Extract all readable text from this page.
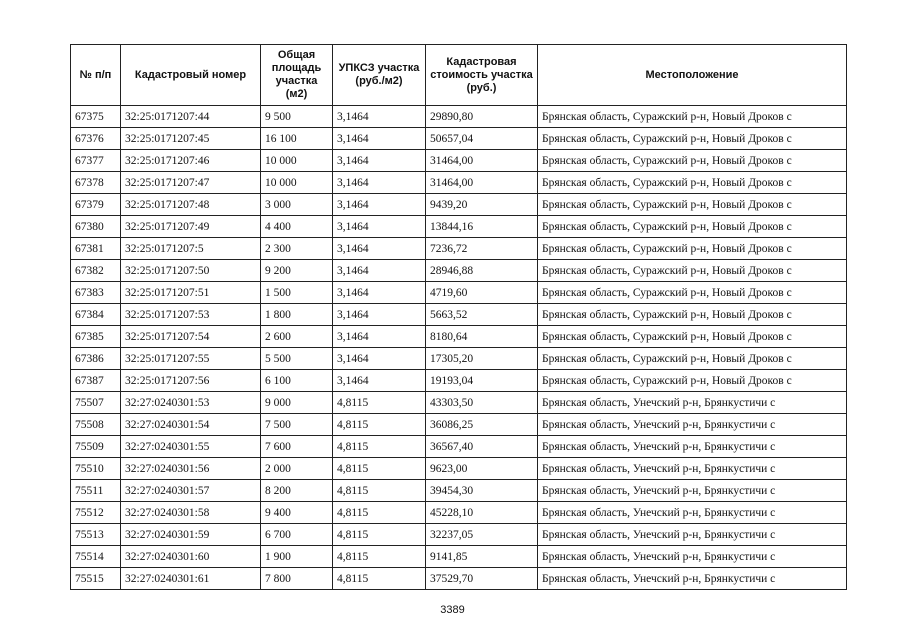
№ п/п	Кадастровый номер	Общая площадь участка (м2)	УПКСЗ участка (руб./м2)	Кадастровая стоимость участка (руб.)	Местоположение
67375	32:25:0171207:44	9 500	3,1464	29890,80	Брянская область, Суражский р-н, Новый Дроков с
67376	32:25:0171207:45	16 100	3,1464	50657,04	Брянская область, Суражский р-н, Новый Дроков с
67377	32:25:0171207:46	10 000	3,1464	31464,00	Брянская область, Суражский р-н, Новый Дроков с
67378	32:25:0171207:47	10 000	3,1464	31464,00	Брянская область, Суражский р-н, Новый Дроков с
67379	32:25:0171207:48	3 000	3,1464	9439,20	Брянская область, Суражский р-н, Новый Дроков с
67380	32:25:0171207:49	4 400	3,1464	13844,16	Брянская область, Суражский р-н, Новый Дроков с
67381	32:25:0171207:5	2 300	3,1464	7236,72	Брянская область, Суражский р-н, Новый Дроков с
67382	32:25:0171207:50	9 200	3,1464	28946,88	Брянская область, Суражский р-н, Новый Дроков с
67383	32:25:0171207:51	1 500	3,1464	4719,60	Брянская область, Суражский р-н, Новый Дроков с
67384	32:25:0171207:53	1 800	3,1464	5663,52	Брянская область, Суражский р-н, Новый Дроков с
67385	32:25:0171207:54	2 600	3,1464	8180,64	Брянская область, Суражский р-н, Новый Дроков с
67386	32:25:0171207:55	5 500	3,1464	17305,20	Брянская область, Суражский р-н, Новый Дроков с
67387	32:25:0171207:56	6 100	3,1464	19193,04	Брянская область, Суражский р-н, Новый Дроков с
75507	32:27:0240301:53	9 000	4,8115	43303,50	Брянская область, Унечский р-н, Брянкустичи с
75508	32:27:0240301:54	7 500	4,8115	36086,25	Брянская область, Унечский р-н, Брянкустичи с
75509	32:27:0240301:55	7 600	4,8115	36567,40	Брянская область, Унечский р-н, Брянкустичи с
75510	32:27:0240301:56	2 000	4,8115	9623,00	Брянская область, Унечский р-н, Брянкустичи с
75511	32:27:0240301:57	8 200	4,8115	39454,30	Брянская область, Унечский р-н, Брянкустичи с
75512	32:27:0240301:58	9 400	4,8115	45228,10	Брянская область, Унечский р-н, Брянкустичи с
75513	32:27:0240301:59	6 700	4,8115	32237,05	Брянская область, Унечский р-н, Брянкустичи с
75514	32:27:0240301:60	1 900	4,8115	9141,85	Брянская область, Унечский р-н, Брянкустичи с
75515	32:27:0240301:61	7 800	4,8115	37529,70	Брянская область, Унечский р-н, Брянкустичи с
3389
